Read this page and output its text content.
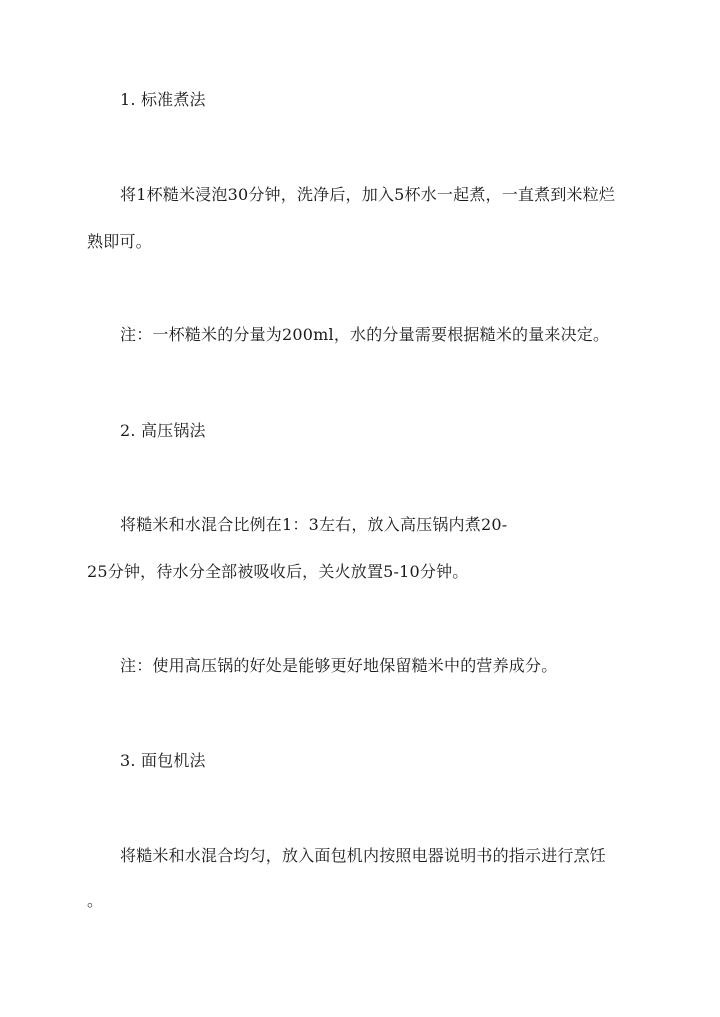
1. 标准煮法
将1杯糙米浸泡30分钟，洗净后，加入5杯水一起煮，一直煮到米粒烂
熟即可。
注：一杯糙米的分量为200ml，水的分量需要根据糙米的量来决定。
2. 高压锅法
将糙米和水混合比例在1：3左右，放入高压锅内煮20-
25分钟，待水分全部被吸收后，关火放置5-10分钟。
注：使用高压锅的好处是能够更好地保留糙米中的营养成分。
3. 面包机法
将糙米和水混合均匀，放入面包机内按照电器说明书的指示进行烹饪
。
